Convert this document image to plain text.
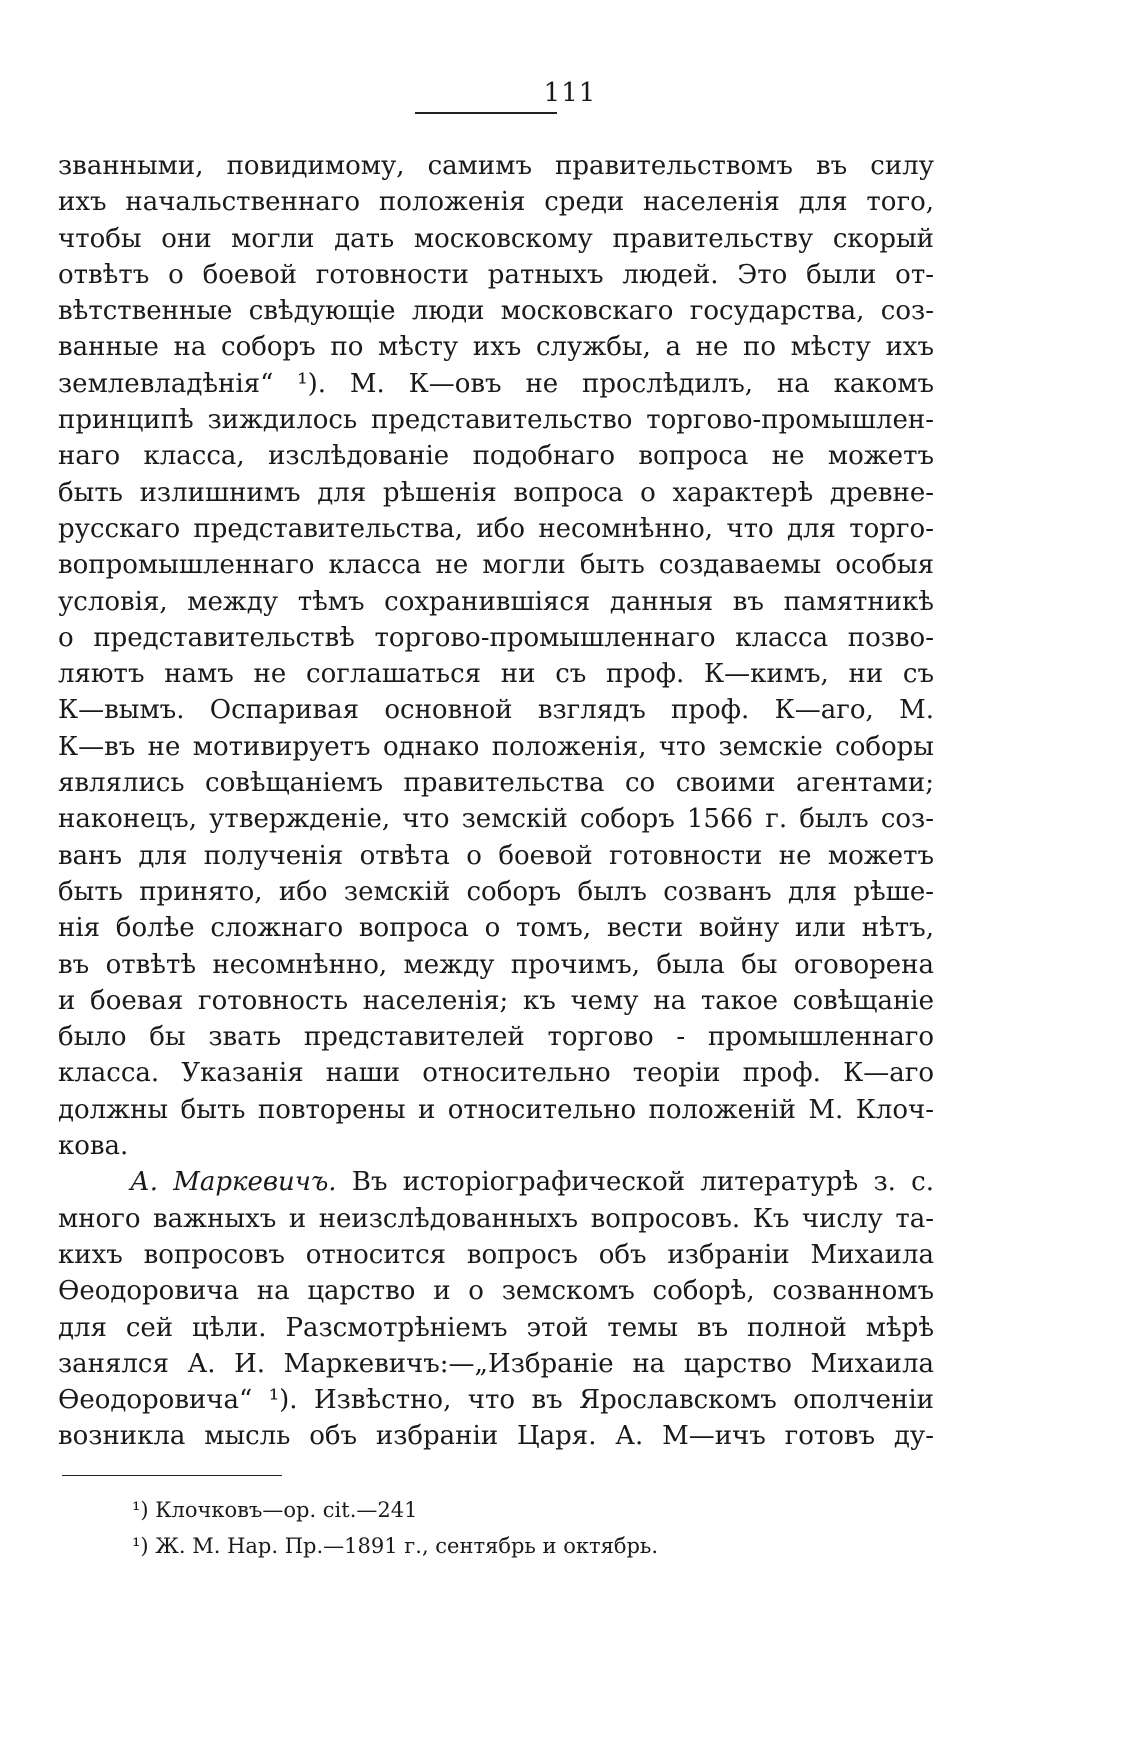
111
званными, повидимому, самимъ правительствомъ въ силу
ихъ начальственнаго положенія среди населенія для того,
чтобы они могли дать московскому правительству скорый
отвѣтъ о боевой готовности ратныхъ людей. Это были от-
вѣтственные свѣдующіе люди московскаго государства, соз-
ванные на соборъ по мѣсту ихъ службы, а не по мѣсту ихъ
землевладѣнія“ ¹). М. К—овъ не прослѣдилъ, на какомъ
принципѣ зиждилось представительство торгово-промышлен-
наго класса, изслѣдованіе подобнаго вопроса не можетъ
быть излишнимъ для рѣшенія вопроса о характерѣ древне-
русскаго представительства, ибо несомнѣнно, что для торго-
вопромышленнаго класса не могли быть создаваемы особыя
условія, между тѣмъ сохранившіяся данныя въ памятникѣ
о представительствѣ торгово-промышленнаго класса позво-
ляютъ намъ не соглашаться ни съ проф. К—кимъ, ни съ
К—вымъ. Оспаривая основной взглядъ проф. К—аго, М.
К—въ не мотивируетъ однако положенія, что земскіе соборы
являлись совѣщаніемъ правительства со своими агентами;
наконецъ, утвержденіе, что земскій соборъ 1566 г. былъ соз-
ванъ для полученія отвѣта о боевой готовности не можетъ
быть принято, ибо земскій соборъ былъ созванъ для рѣше-
нія болѣе сложнаго вопроса о томъ, вести войну или нѣтъ,
въ отвѣтѣ несомнѣнно, между прочимъ, была бы оговорена
и боевая готовность населенія; къ чему на такое совѣщаніе
было бы звать представителей торгово - промышленнаго
класса. Указанія наши относительно теоріи проф. К—аго
должны быть повторены и относительно положеній М. Клоч-
кова.
А. Маркевичъ. Въ исторіографической литературѣ з. с.
много важныхъ и неизслѣдованныхъ вопросовъ. Къ числу та-
кихъ вопросовъ относится вопросъ объ избраніи Михаила
Ѳеодоровича на царство и о земскомъ соборѣ, созванномъ
для сей цѣли. Разсмотрѣніемъ этой темы въ полной мѣрѣ
занялся А. И. Маркевичъ:—„Избраніе на царство Михаила
Ѳеодоровича“ ¹). Извѣстно, что въ Ярославскомъ ополченіи
возникла мысль объ избраніи Царя. А. М—ичъ готовъ ду-
¹) Клочковъ—op. cit.—241
¹) Ж. М. Нар. Пр.—1891 г., сентябрь и октябрь.
